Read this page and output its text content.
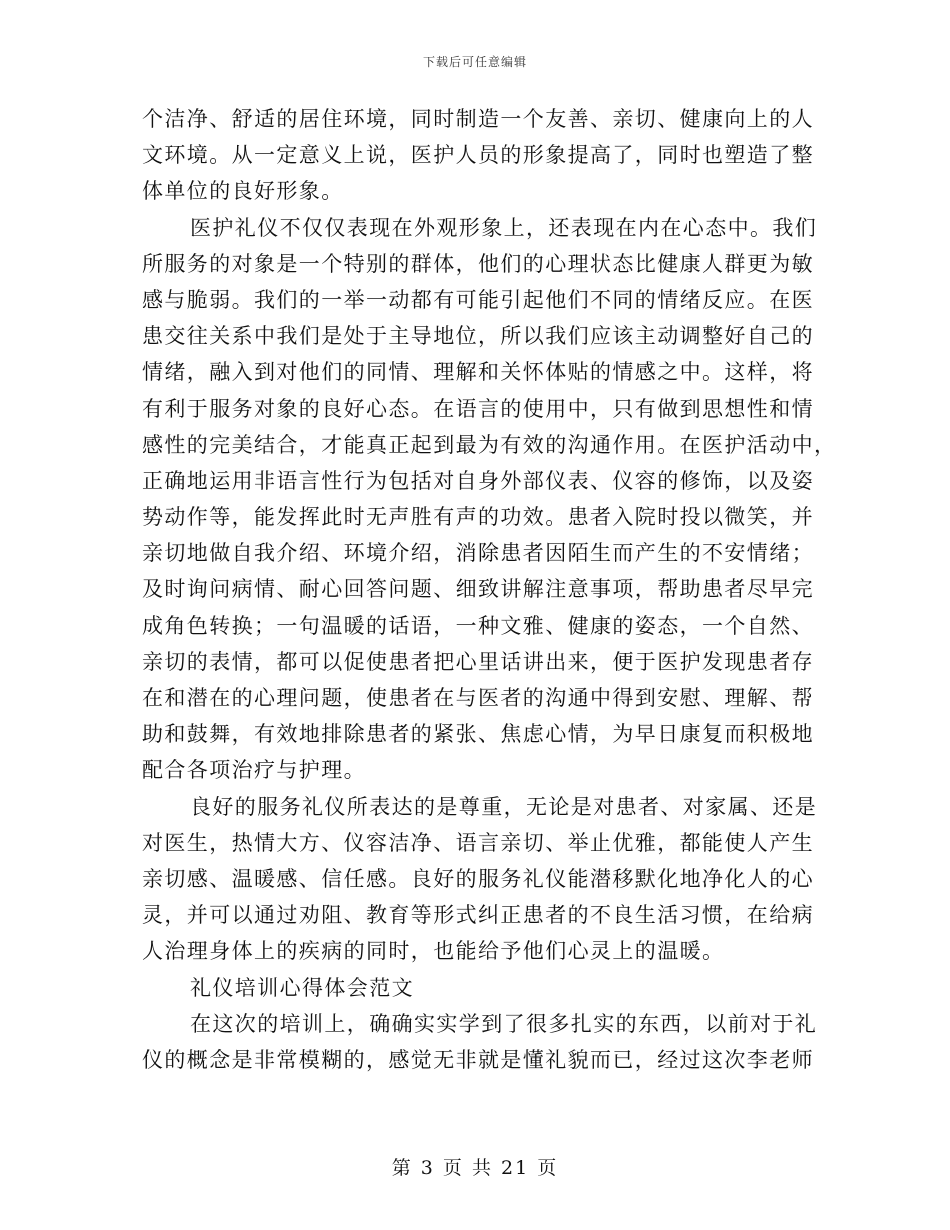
下载后可任意编辑
个洁净、舒适的居住环境，同时制造一个友善、亲切、健康向上的人
文环境。从一定意义上说，医护人员的形象提高了，同时也塑造了整
体单位的良好形象。
医护礼仪不仅仅表现在外观形象上，还表现在内在心态中。我们
所服务的对象是一个特别的群体，他们的心理状态比健康人群更为敏
感与脆弱。我们的一举一动都有可能引起他们不同的情绪反应。在医
患交往关系中我们是处于主导地位，所以我们应该主动调整好自己的
情绪，融入到对他们的同情、理解和关怀体贴的情感之中。这样，将
有利于服务对象的良好心态。在语言的使用中，只有做到思想性和情
感性的完美结合，才能真正起到最为有效的沟通作用。在医护活动中，
正确地运用非语言性行为包括对自身外部仪表、仪容的修饰，以及姿
势动作等，能发挥此时无声胜有声的功效。患者入院时投以微笑，并
亲切地做自我介绍、环境介绍，消除患者因陌生而产生的不安情绪；
及时询问病情、耐心回答问题、细致讲解注意事项，帮助患者尽早完
成角色转换；一句温暖的话语，一种文雅、健康的姿态，一个自然、
亲切的表情，都可以促使患者把心里话讲出来，便于医护发现患者存
在和潜在的心理问题，使患者在与医者的沟通中得到安慰、理解、帮
助和鼓舞，有效地排除患者的紧张、焦虑心情，为早日康复而积极地
配合各项治疗与护理。
良好的服务礼仪所表达的是尊重，无论是对患者、对家属、还是
对医生，热情大方、仪容洁净、语言亲切、举止优雅，都能使人产生
亲切感、温暖感、信任感。良好的服务礼仪能潜移默化地净化人的心
灵，并可以通过劝阻、教育等形式纠正患者的不良生活习惯，在给病
人治理身体上的疾病的同时，也能给予他们心灵上的温暖。
礼仪培训心得体会范文
在这次的培训上，确确实实学到了很多扎实的东西，以前对于礼
仪的概念是非常模糊的，感觉无非就是懂礼貌而已，经过这次李老师
第 3 页 共 21 页
